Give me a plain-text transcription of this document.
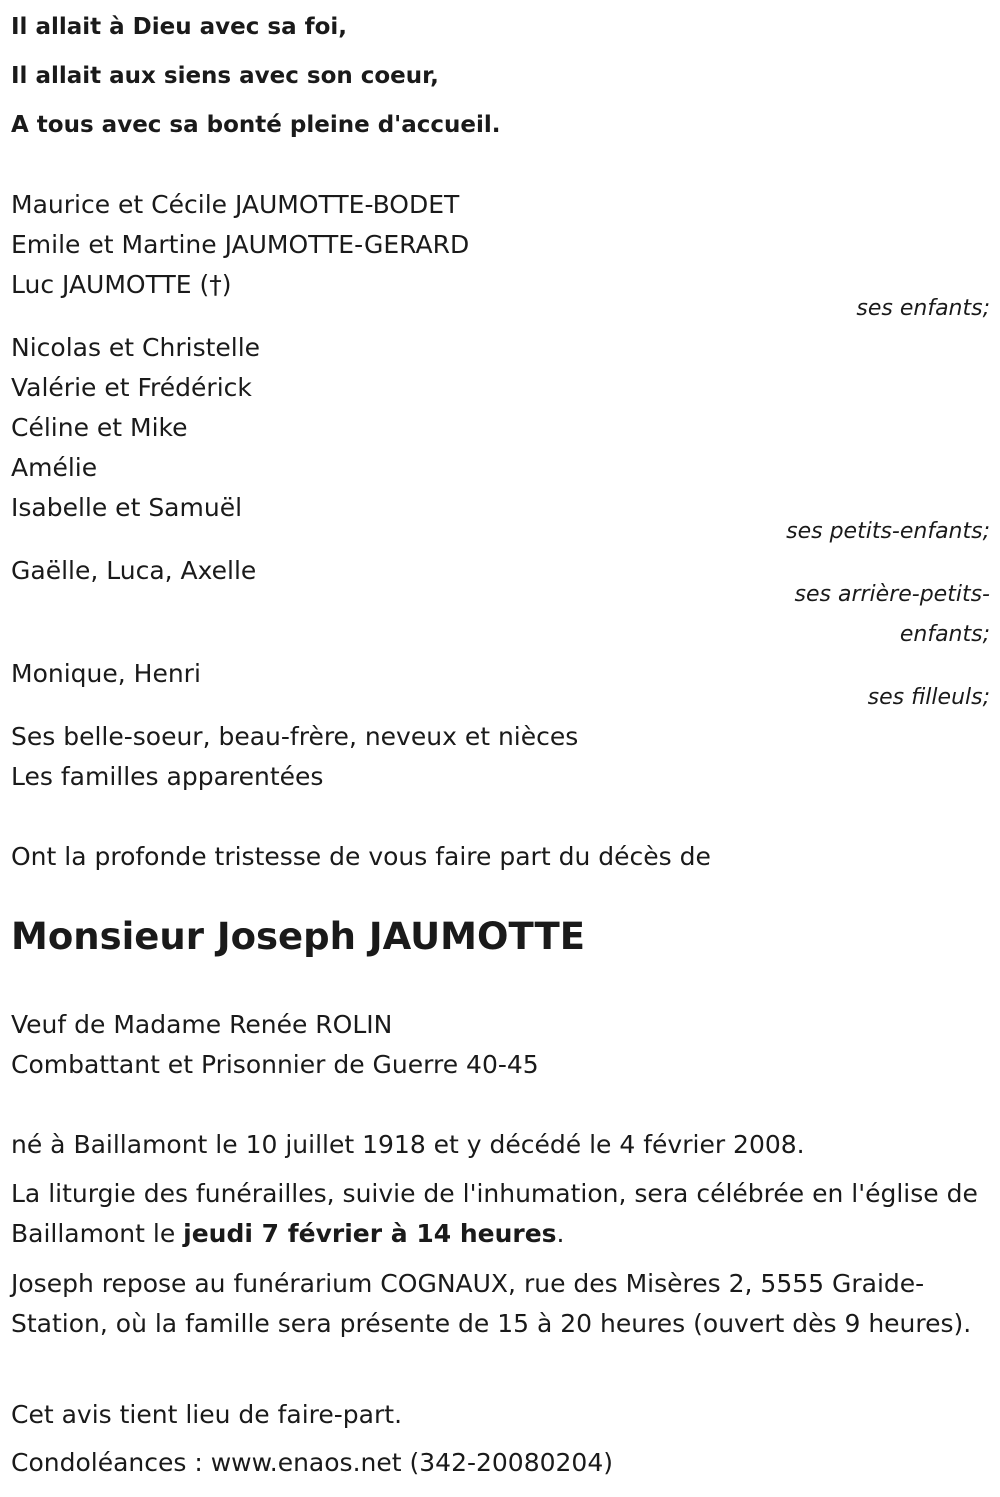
Il allait à Dieu avec sa foi,
Il allait aux siens avec son coeur,
A tous avec sa bonté pleine d'accueil.
Maurice et Cécile JAUMOTTE-BODET
Emile et Martine JAUMOTTE-GERARD
Luc JAUMOTTE (†)
ses enfants;
Nicolas et Christelle
Valérie et Frédérick
Céline et Mike
Amélie
Isabelle et Samuël
ses petits-enfants;
Gaëlle, Luca, Axelle
ses arrière-petits-
enfants;
Monique, Henri
ses filleuls;
Ses belle-soeur, beau-frère, neveux et nièces
Les familles apparentées
Ont la profonde tristesse de vous faire part du décès de
Monsieur Joseph JAUMOTTE
Veuf de Madame Renée ROLIN
Combattant et Prisonnier de Guerre 40-45
né à Baillamont le 10 juillet 1918 et y décédé le 4 février 2008.
La liturgie des funérailles, suivie de l'inhumation, sera célébrée en l'église de Baillamont le jeudi 7 février à 14 heures.
Joseph repose au funérarium COGNAUX, rue des Misères 2, 5555 Graide-Station, où la famille sera présente de 15 à 20 heures (ouvert dès 9 heures).
Cet avis tient lieu de faire-part.
Condoléances : www.enaos.net (342-20080204)
